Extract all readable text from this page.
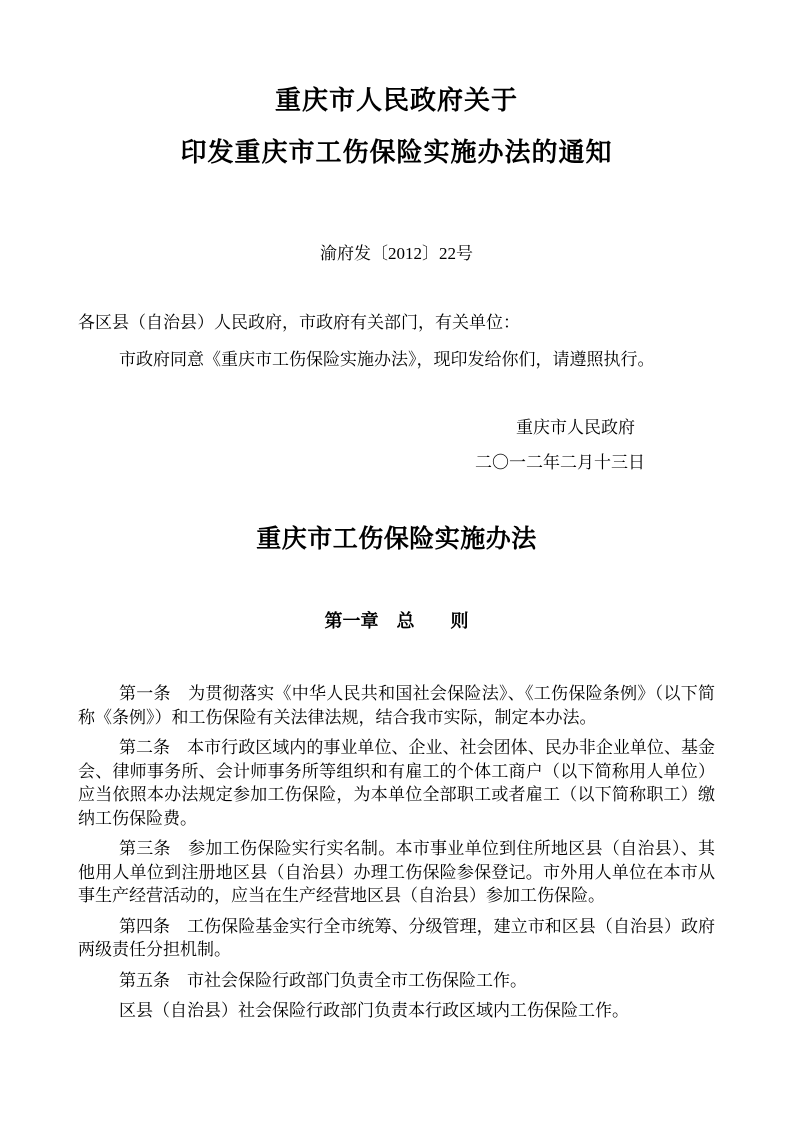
重庆市人民政府关于
印发重庆市工伤保险实施办法的通知
渝府发〔2012〕22号

各区县（自治县）人民政府，市政府有关部门，有关单位：

市政府同意《重庆市工伤保险实施办法》，现印发给你们，请遵照执行。

重庆市人民政府
二〇一二年二月十三日
重庆市工伤保险实施办法
第一章　总　　则

第一条　为贯彻落实《中华人民共和国社会保险法》、《工伤保险条例》（以下简称《条例》）和工伤保险有关法律法规，结合我市实际，制定本办法。

第二条　本市行政区域内的事业单位、企业、社会团体、民办非企业单位、基金会、律师事务所、会计师事务所等组织和有雇工的个体工商户（以下简称用人单位）应当依照本办法规定参加工伤保险，为本单位全部职工或者雇工（以下简称职工）缴纳工伤保险费。

第三条　参加工伤保险实行实名制。本市事业单位到住所地区县（自治县）、其他用人单位到注册地区县（自治县）办理工伤保险参保登记。市外用人单位在本市从事生产经营活动的，应当在生产经营地区县（自治县）参加工伤保险。

第四条　工伤保险基金实行全市统筹、分级管理，建立市和区县（自治县）政府两级责任分担机制。

第五条　市社会保险行政部门负责全市工伤保险工作。

区县（自治县）社会保险行政部门负责本行政区域内工伤保险工作。
